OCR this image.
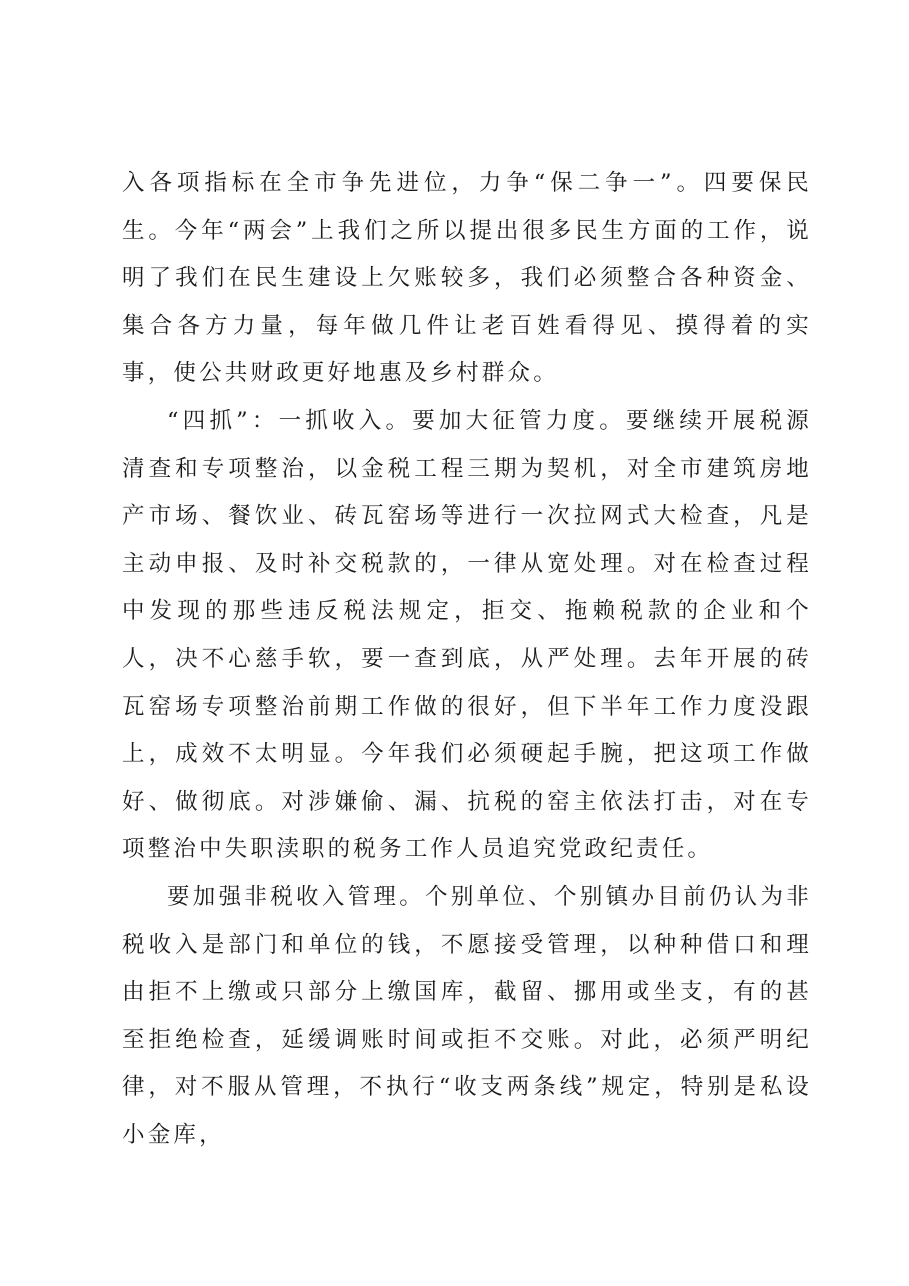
入各项指标在全市争先进位，力争“保二争一”。四要保民生。今年“两会”上我们之所以提出很多民生方面的工作，说明了我们在民生建设上欠账较多，我们必须整合各种资金、集合各方力量，每年做几件让老百姓看得见、摸得着的实事，使公共财政更好地惠及乡村群众。

“四抓”：一抓收入。要加大征管力度。要继续开展税源清查和专项整治，以金税工程三期为契机，对全市建筑房地产市场、餐饮业、砖瓦窑场等进行一次拉网式大检查，凡是主动申报、及时补交税款的，一律从宽处理。对在检查过程中发现的那些违反税法规定，拒交、拖赖税款的企业和个人，决不心慈手软，要一查到底，从严处理。去年开展的砖瓦窑场专项整治前期工作做的很好，但下半年工作力度没跟上，成效不太明显。今年我们必须硬起手腕，把这项工作做好、做彻底。对涉嫌偷、漏、抗税的窑主依法打击，对在专项整治中失职渎职的税务工作人员追究党政纪责任。

要加强非税收入管理。个别单位、个别镇办目前仍认为非税收入是部门和单位的钱，不愿接受管理，以种种借口和理由拒不上缴或只部分上缴国库，截留、挪用或坐支，有的甚至拒绝检查，延缓调账时间或拒不交账。对此，必须严明纪律，对不服从管理，不执行“收支两条线”规定，特别是私设小金库，
